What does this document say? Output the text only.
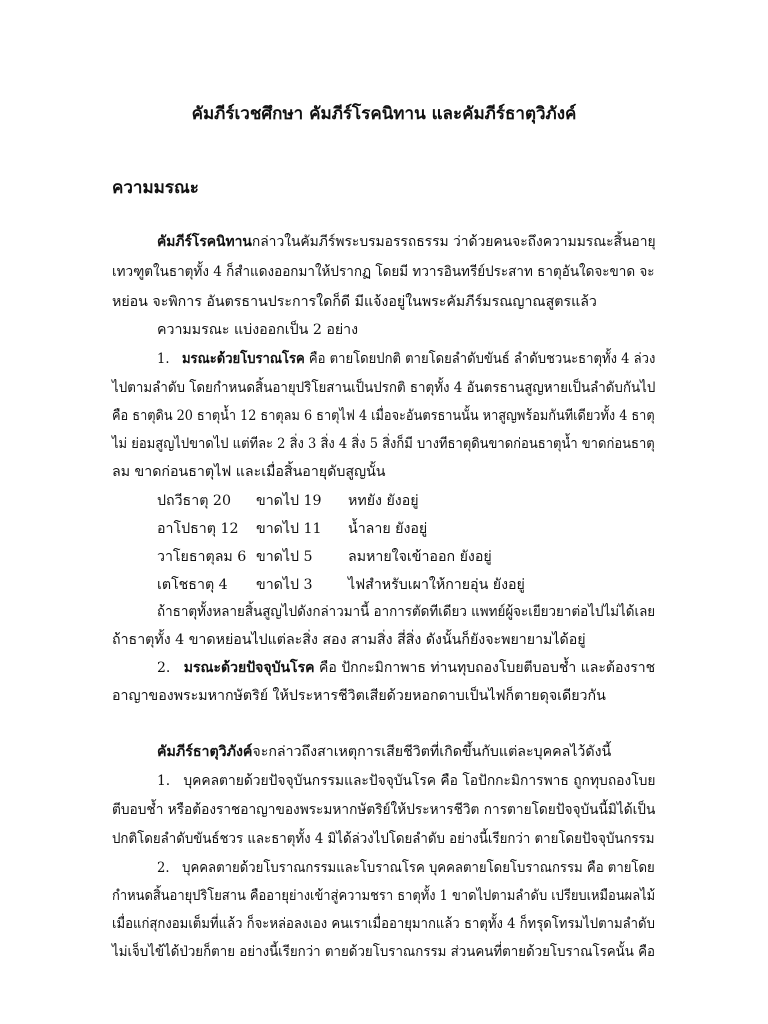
คัมภีร์เวชศึกษา คัมภีร์โรคนิทาน และคัมภีร์ธาตุวิภังค์
ความมรณะ
คัมภีร์โรคนิทานกล่าวในคัมภีร์พระบรมอรรถธรรม ว่าด้วยคนจะถึงความมรณะสิ้นอายุ
เทวฑูตในธาตุทั้ง 4 ก็สำแดงออกมาให้ปรากฏ โดยมี ทวารอินทรีย์ประสาท ธาตุอันใดจะขาด จะ
หย่อน จะพิการ อันตรธานประการใดก็ดี มีแจ้งอยู่ในพระคัมภีร์มรณญาณสูตรแล้ว
ความมรณะ แบ่งออกเป็น 2 อย่าง
1. มรณะด้วยโบราณโรค คือ ตายโดยปกติ ตายโดยลำดับขันธ์ ลำดับชวนะธาตุทั้ง 4 ล่วง
ไปตามลำดับ โดยกำหนดสิ้นอายุปริโยสานเป็นปรกติ ธาตุทั้ง 4 อันตรธานสูญหายเป็นลำดับกันไป
คือ ธาตุดิน 20 ธาตุน้ำ 12 ธาตุลม 6 ธาตุไฟ 4 เมื่อจะอันตรธานนั้น หาสูญพร้อมกันทีเดียวทั้ง 4 ธาตุ
ไม่ ย่อมสูญไปขาดไป แต่ทีละ 2 สิ่ง 3 สิ่ง 4 สิ่ง 5 สิ่งก็มี บางทีธาตุดินขาดก่อนธาตุน้ำ ขาดก่อนธาตุ
ลม ขาดก่อนธาตุไฟ และเมื่อสิ้นอายุดับสูญนั้น
ปถวีธาตุ 20 ขาดไป 19 หทยัง ยังอยู่
อาโปธาตุ 12 ขาดไป 11 น้ำลาย ยังอยู่
วาโยธาตุลม 6 ขาดไป 5 ลมหายใจเข้าออก ยังอยู่
เตโชธาตุ 4 ขาดไป 3 ไฟสำหรับเผาให้กายอุ่น ยังอยู่
ถ้าธาตุทั้งหลายสิ้นสูญไปดังกล่าวมานี้ อาการตัดทีเดียว แพทย์ผู้จะเยียวยาต่อไปไม่ได้เลย
ถ้าธาตุทั้ง 4 ขาดหย่อนไปแต่ละสิ่ง สอง สามสิ่ง สี่สิ่ง ดังนั้นก็ยังจะพยายามได้อยู่
2. มรณะด้วยปัจจุบันโรค คือ ปักกะมิกาพาธ ท่านทุบถองโบยตีบอบช้ำ และต้องราช
อาญาของพระมหากษัตริย์ ให้ประหารชีวิตเสียด้วยหอกดาบเป็นไฟก็ตายดุจเดียวกัน
คัมภีร์ธาตุวิภังค์จะกล่าวถึงสาเหตุการเสียชีวิตที่เกิดขึ้นกับแต่ละบุคคลไว้ดังนี้
1. บุคคลตายด้วยปัจจุบันกรรมและปัจจุบันโรค คือ โอปักกะมิการพาธ ถูกทุบถองโบย
ตีบอบช้ำ หรือต้องราชอาญาของพระมหากษัตริย์ให้ประหารชีวิต การตายโดยปัจจุบันนี้มิได้เป็น
ปกติโดยลำดับขันธ์ชวร และธาตุทั้ง 4 มิได้ล่วงไปโดยลำดับ อย่างนี้เรียกว่า ตายโดยปัจจุบันกรรม
2. บุคคลตายด้วยโบราณกรรมและโบราณโรค บุคคลตายโดยโบราณกรรม คือ ตายโดย
กำหนดสิ้นอายุปริโยสาน คืออายุย่างเข้าสู่ความชรา ธาตุทั้ง 1 ขาดไปตามลำดับ เปรียบเหมือนผลไม้
เมื่อแก่สุกงอมเต็มที่แล้ว ก็จะหล่อลงเอง คนเราเมื่ออายุมากแล้ว ธาตุทั้ง 4 ก็ทรุดโทรมไปตามลำดับ
ไม่เจ็บไข้ได้ป่วยก็ตาย อย่างนี้เรียกว่า ตายด้วยโบราณกรรม ส่วนคนที่ตายด้วยโบราณโรคนั้น คือ
